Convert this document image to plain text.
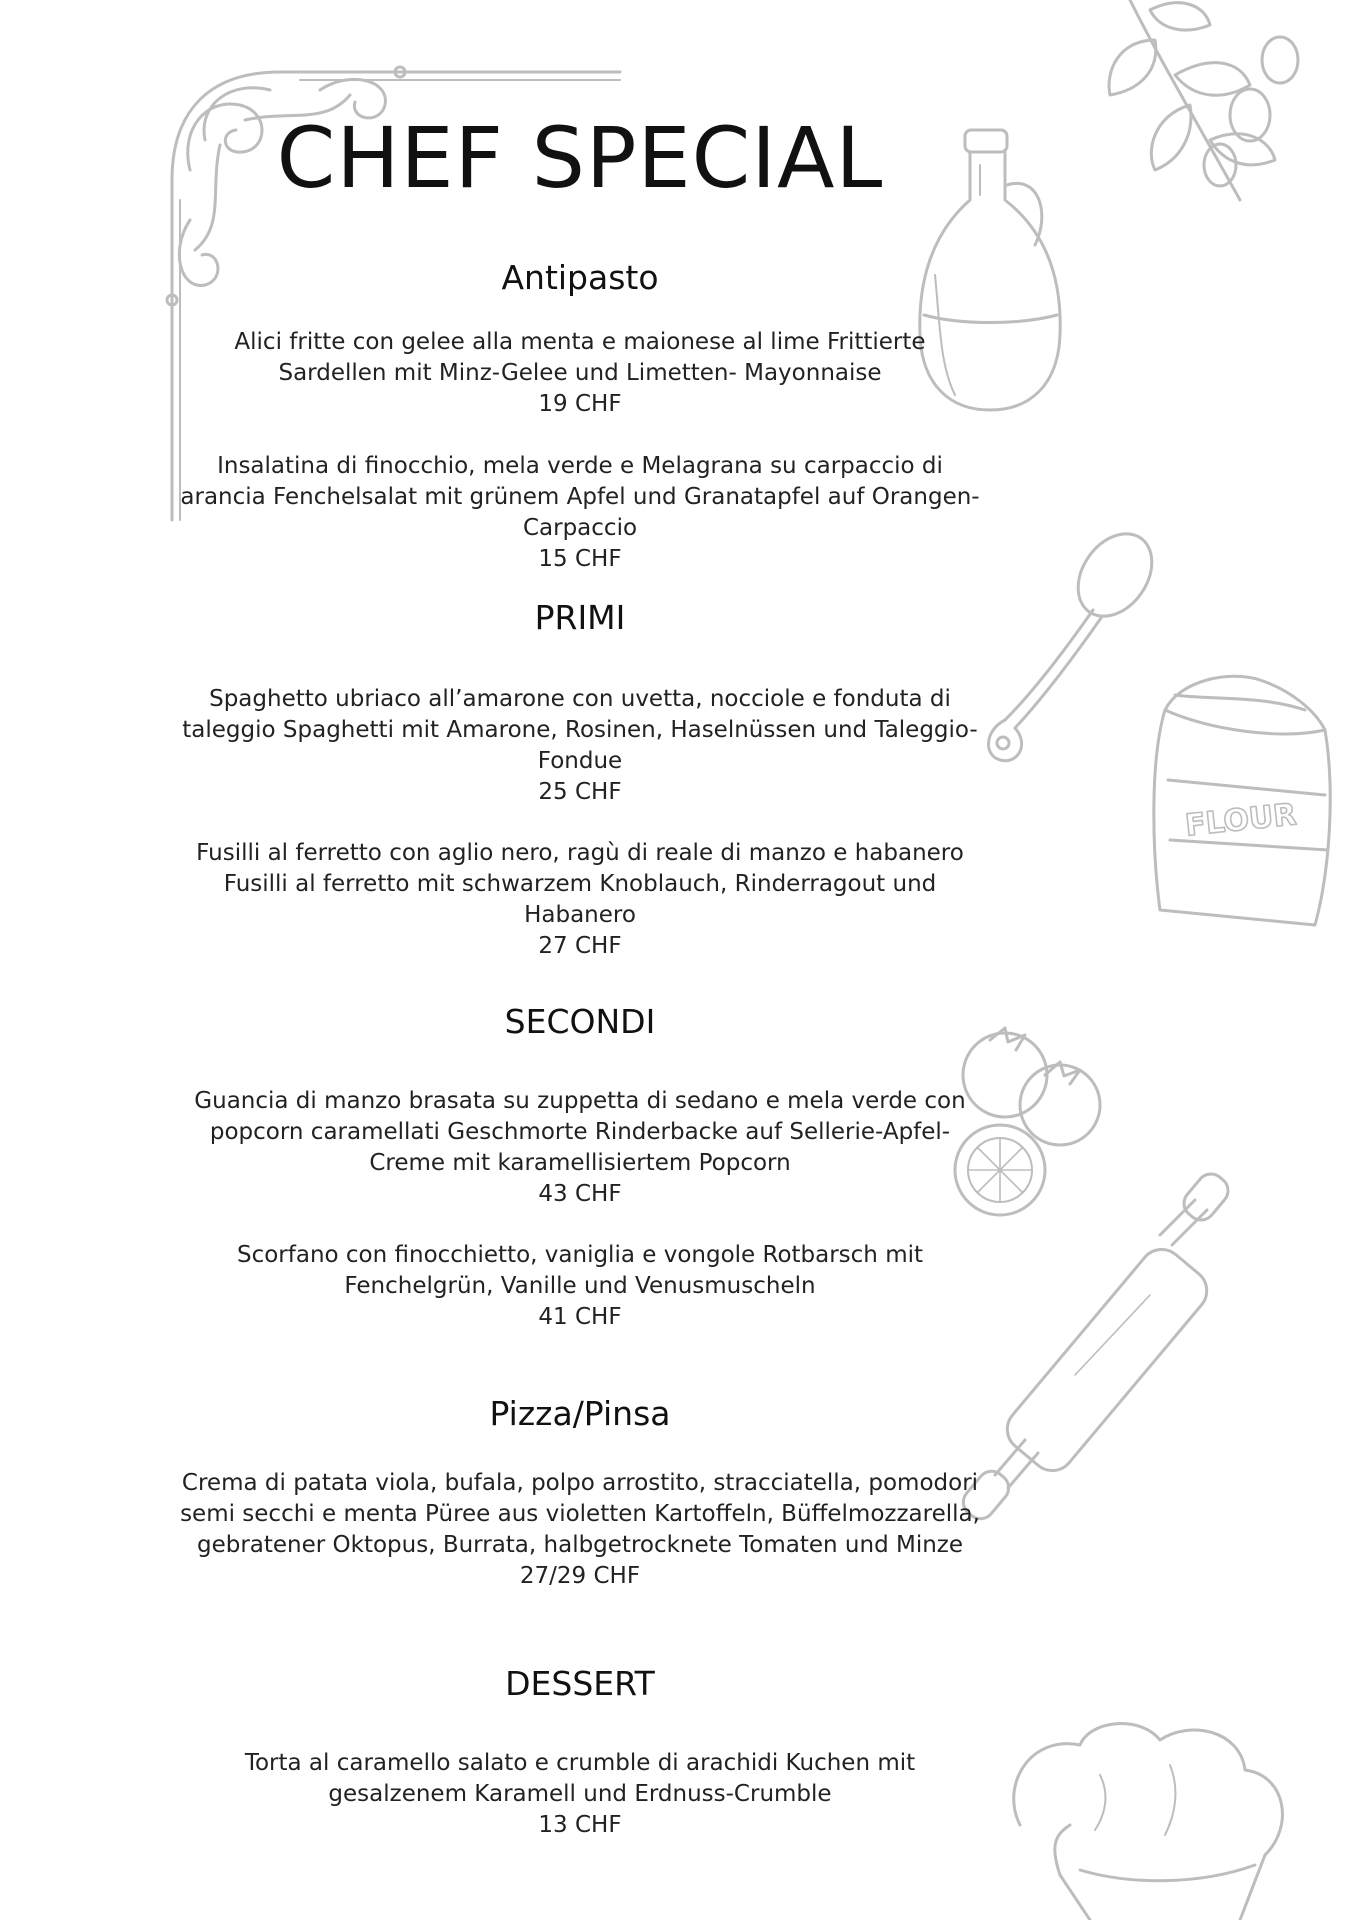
FLOUR
CHEF SPECIAL
Antipasto
Alici fritte con gelee alla menta e maionese al lime Frittierte Sardellen mit Minz-Gelee und Limetten- Mayonnaise
19 CHF
Insalatina di finocchio, mela verde e Melagrana su carpaccio di arancia Fenchelsalat mit grünem Apfel und Granatapfel auf Orangen-Carpaccio
15 CHF
PRIMI
Spaghetto ubriaco all’amarone con uvetta, nocciole e fonduta di taleggio Spaghetti mit Amarone, Rosinen, Haselnüssen und Taleggio-Fondue
25 CHF
Fusilli al ferretto con aglio nero, ragù di reale di manzo e habanero Fusilli al ferretto mit schwarzem Knoblauch, Rinderragout und Habanero
27 CHF
SECONDI
Guancia di manzo brasata su zuppetta di sedano e mela verde con popcorn caramellati Geschmorte Rinderbacke auf Sellerie-Apfel-Creme mit karamellisiertem Popcorn
43 CHF
Scorfano con finocchietto, vaniglia e vongole Rotbarsch mit Fenchelgrün, Vanille und Venusmuscheln
41 CHF
Pizza/Pinsa
Crema di patata viola, bufala, polpo arrostito, stracciatella, pomodori semi secchi e menta Püree aus violetten Kartoffeln, Büffelmozzarella, gebratener Oktopus, Burrata, halbgetrocknete Tomaten und Minze
27/29 CHF
DESSERT
Torta al caramello salato e crumble di arachidi Kuchen mit gesalzenem Karamell und Erdnuss-Crumble
13 CHF
